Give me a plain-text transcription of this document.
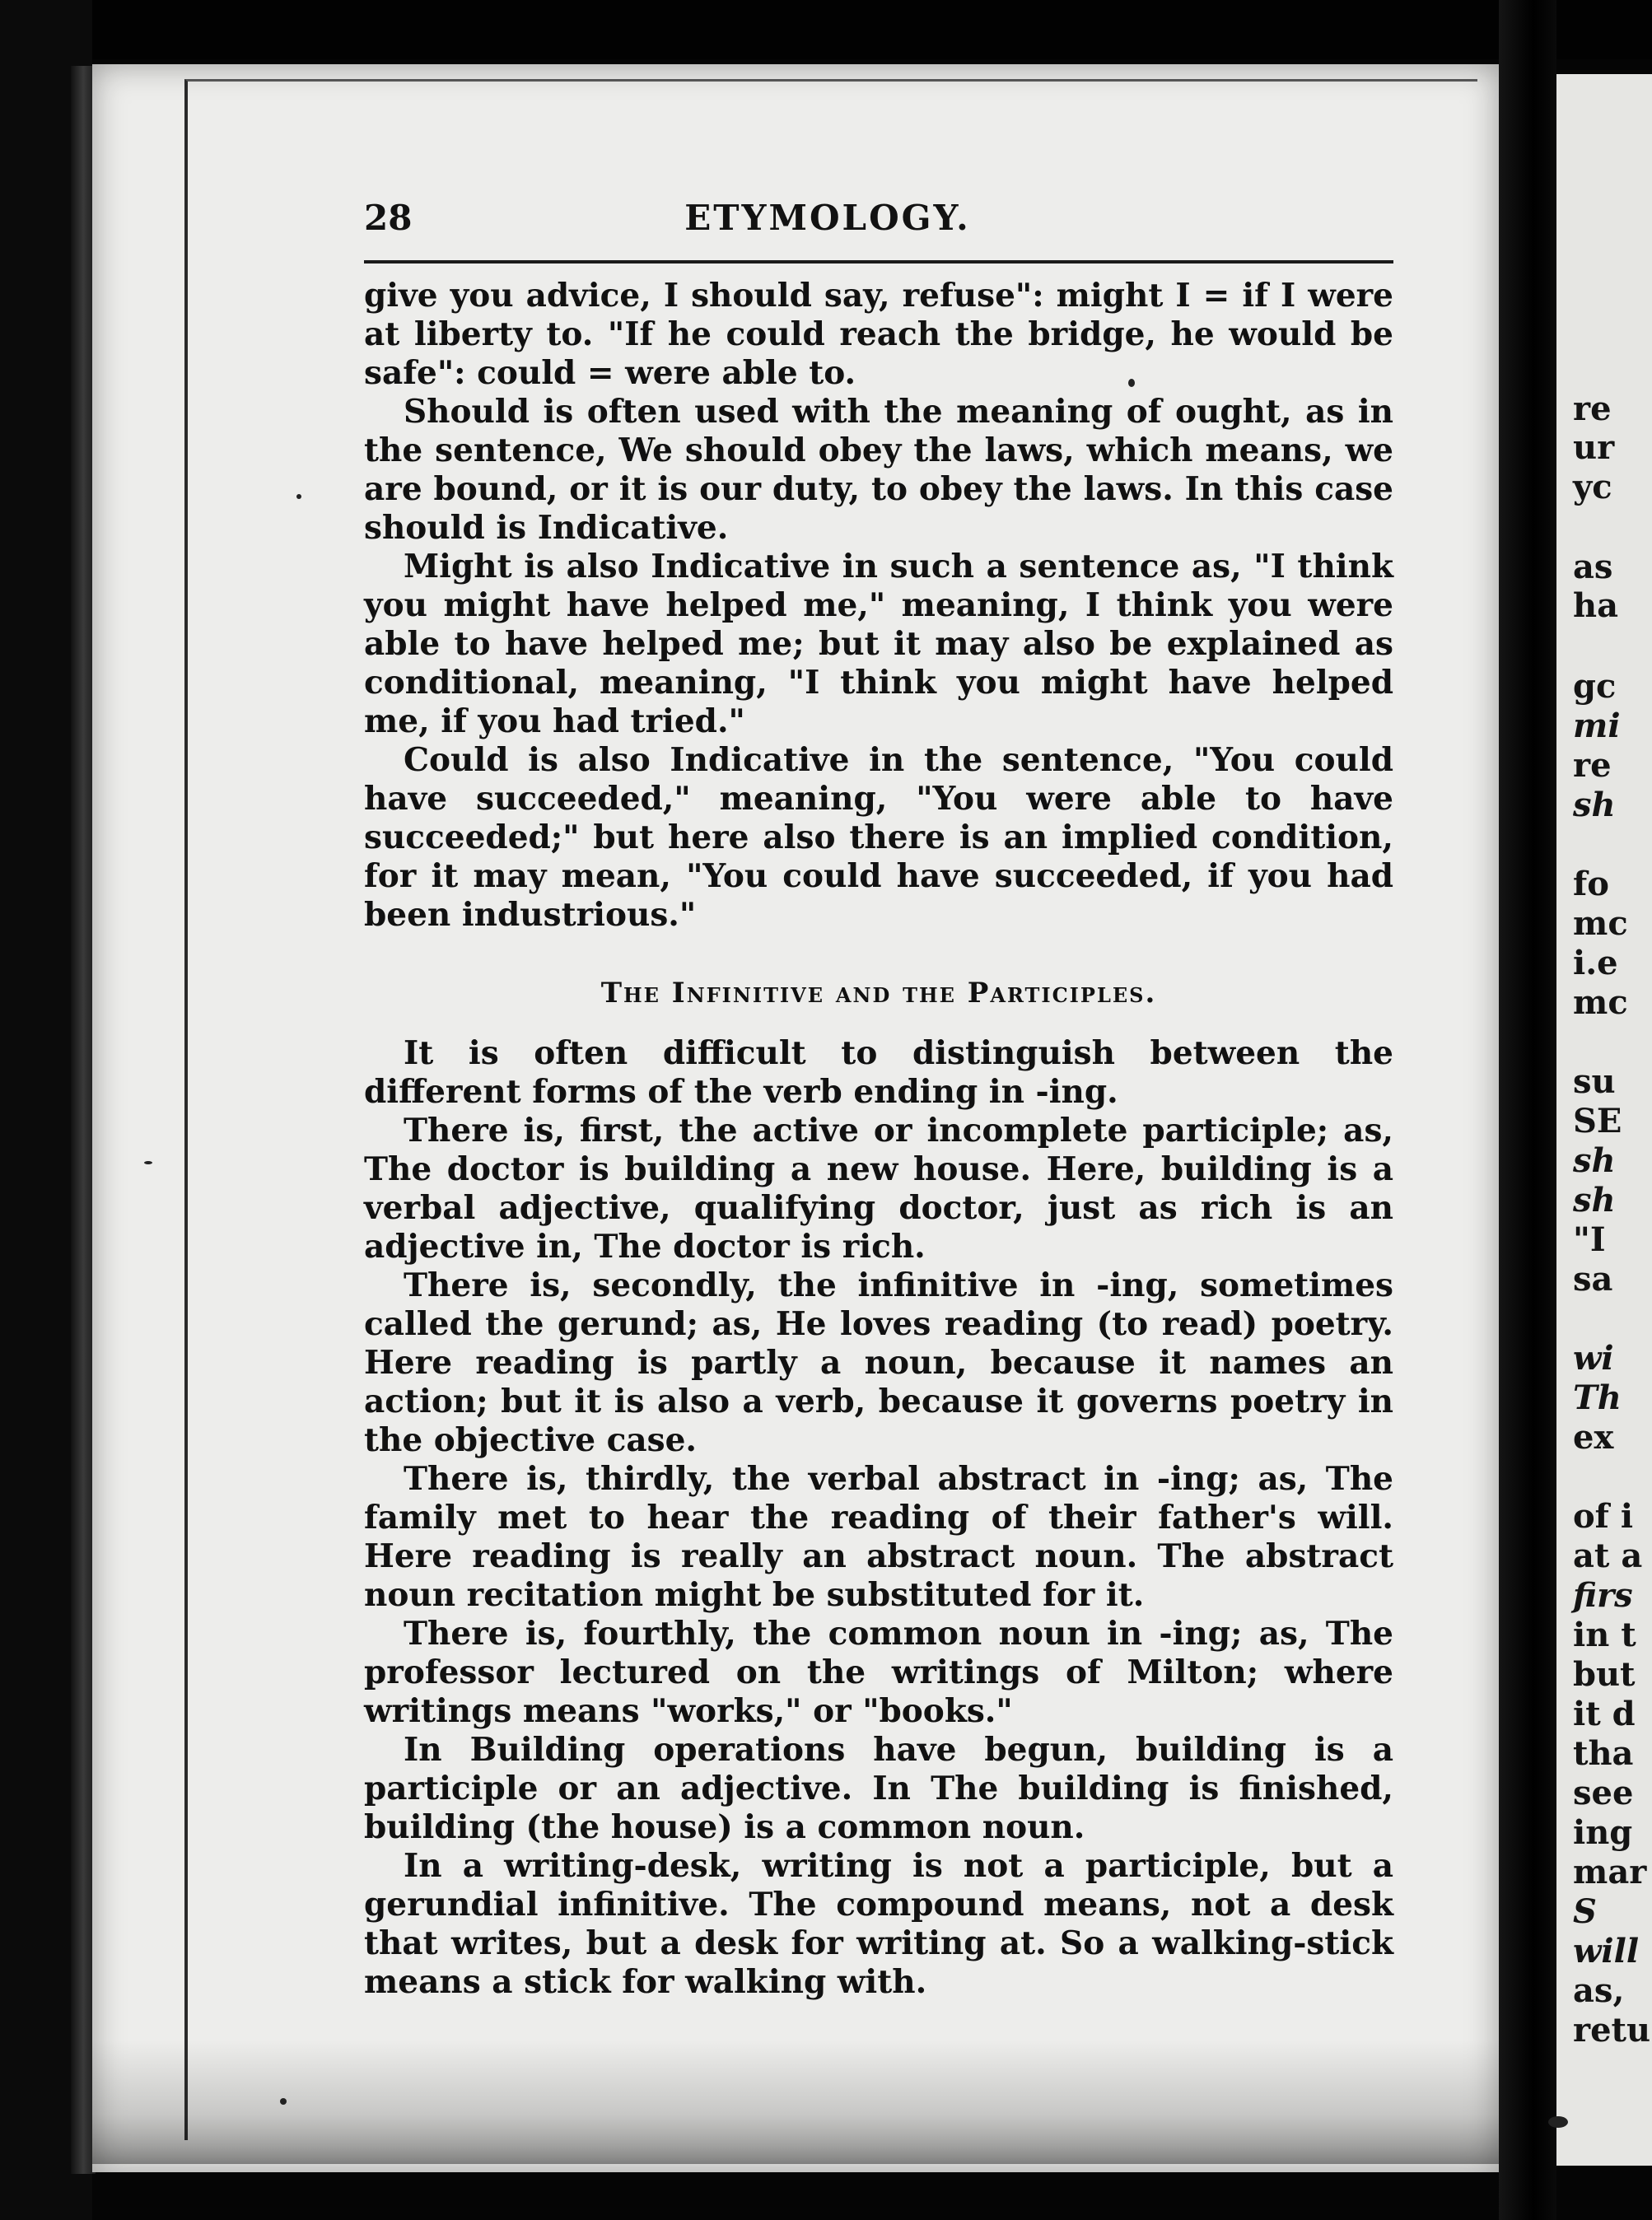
re
ur
yc
as
ha
gc
mi
re
sh
fo
mc
i.e
mc
su
SE
sh
sh
"I
sa
wi
Th
ex
of i
at a
firs
in t
but
it d
tha
see
ing
mar
S
will
as,
retu
28	ETYMOLOGY.

give you advice, I should say, refuse": might I = if I were at liberty to. "If he could reach the bridge, he would be safe": could = were able to.

Should is often used with the meaning of ought, as in the sentence, We should obey the laws, which means, we are bound, or it is our duty, to obey the laws. In this case should is Indicative.

Might is also Indicative in such a sentence as, "I think you might have helped me," meaning, I think you were able to have helped me; but it may also be explained as conditional, meaning, "I think you might have helped me, if you had tried."

Could is also Indicative in the sentence, "You could have succeeded," meaning, "You were able to have succeeded;" but here also there is an implied condition, for it may mean, "You could have succeeded, if you had been industrious."

The Infinitive and the Participles.

It is often difficult to distinguish between the different forms of the verb ending in -ing.

There is, first, the active or incomplete participle; as, The doctor is building a new house. Here, building is a verbal adjective, qualifying doctor, just as rich is an adjective in, The doctor is rich.

There is, secondly, the infinitive in -ing, sometimes called the gerund; as, He loves reading (to read) poetry. Here reading is partly a noun, because it names an action; but it is also a verb, because it governs poetry in the objective case.

There is, thirdly, the verbal abstract in -ing; as, The family met to hear the reading of their father's will. Here reading is really an abstract noun. The abstract noun recitation might be substituted for it.

There is, fourthly, the common noun in -ing; as, The professor lectured on the writings of Milton; where writings means "works," or "books."

In Building operations have begun, building is a participle or an adjective. In The building is finished, building (the house) is a common noun.

In a writing-desk, writing is not a participle, but a gerundial infinitive. The compound means, not a desk that writes, but a desk for writing at. So a walking-stick means a stick for walking with.
